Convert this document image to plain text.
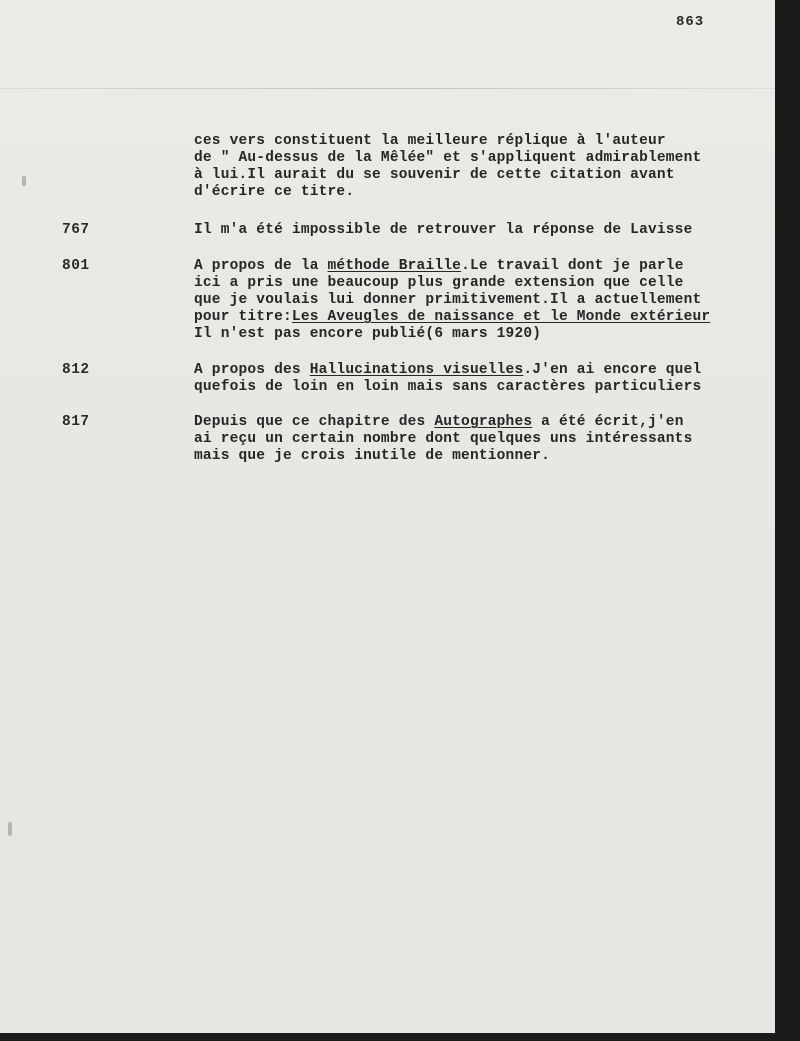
863
ces vers constituent la meilleure réplique à l'auteur
de " Au-dessus de la Mêlée" et s'appliquent admirablement
à lui.Il aurait du se souvenir de cette citation avant
d'écrire ce titre.
767	Il m'a été impossible de retrouver la réponse de Lavisse
801	A propos de la méthode Braille.Le travail dont je parle
ici a pris une beaucoup plus grande extension que celle
que je voulais lui donner primitivement.Il a actuellement
pour titre:Les Aveugles de naissance et le Monde extérieur
Il n'est pas encore publié(6 mars 1920)
812	A propos des Hallucinations visuelles.J'en ai encore quel
quefois de loin en loin mais sans caractères particuliers
817	Depuis que ce chapitre des Autographes a été écrit,j'en
ai reçu un certain nombre dont quelques uns intéressants
mais que je crois inutile de mentionner.
